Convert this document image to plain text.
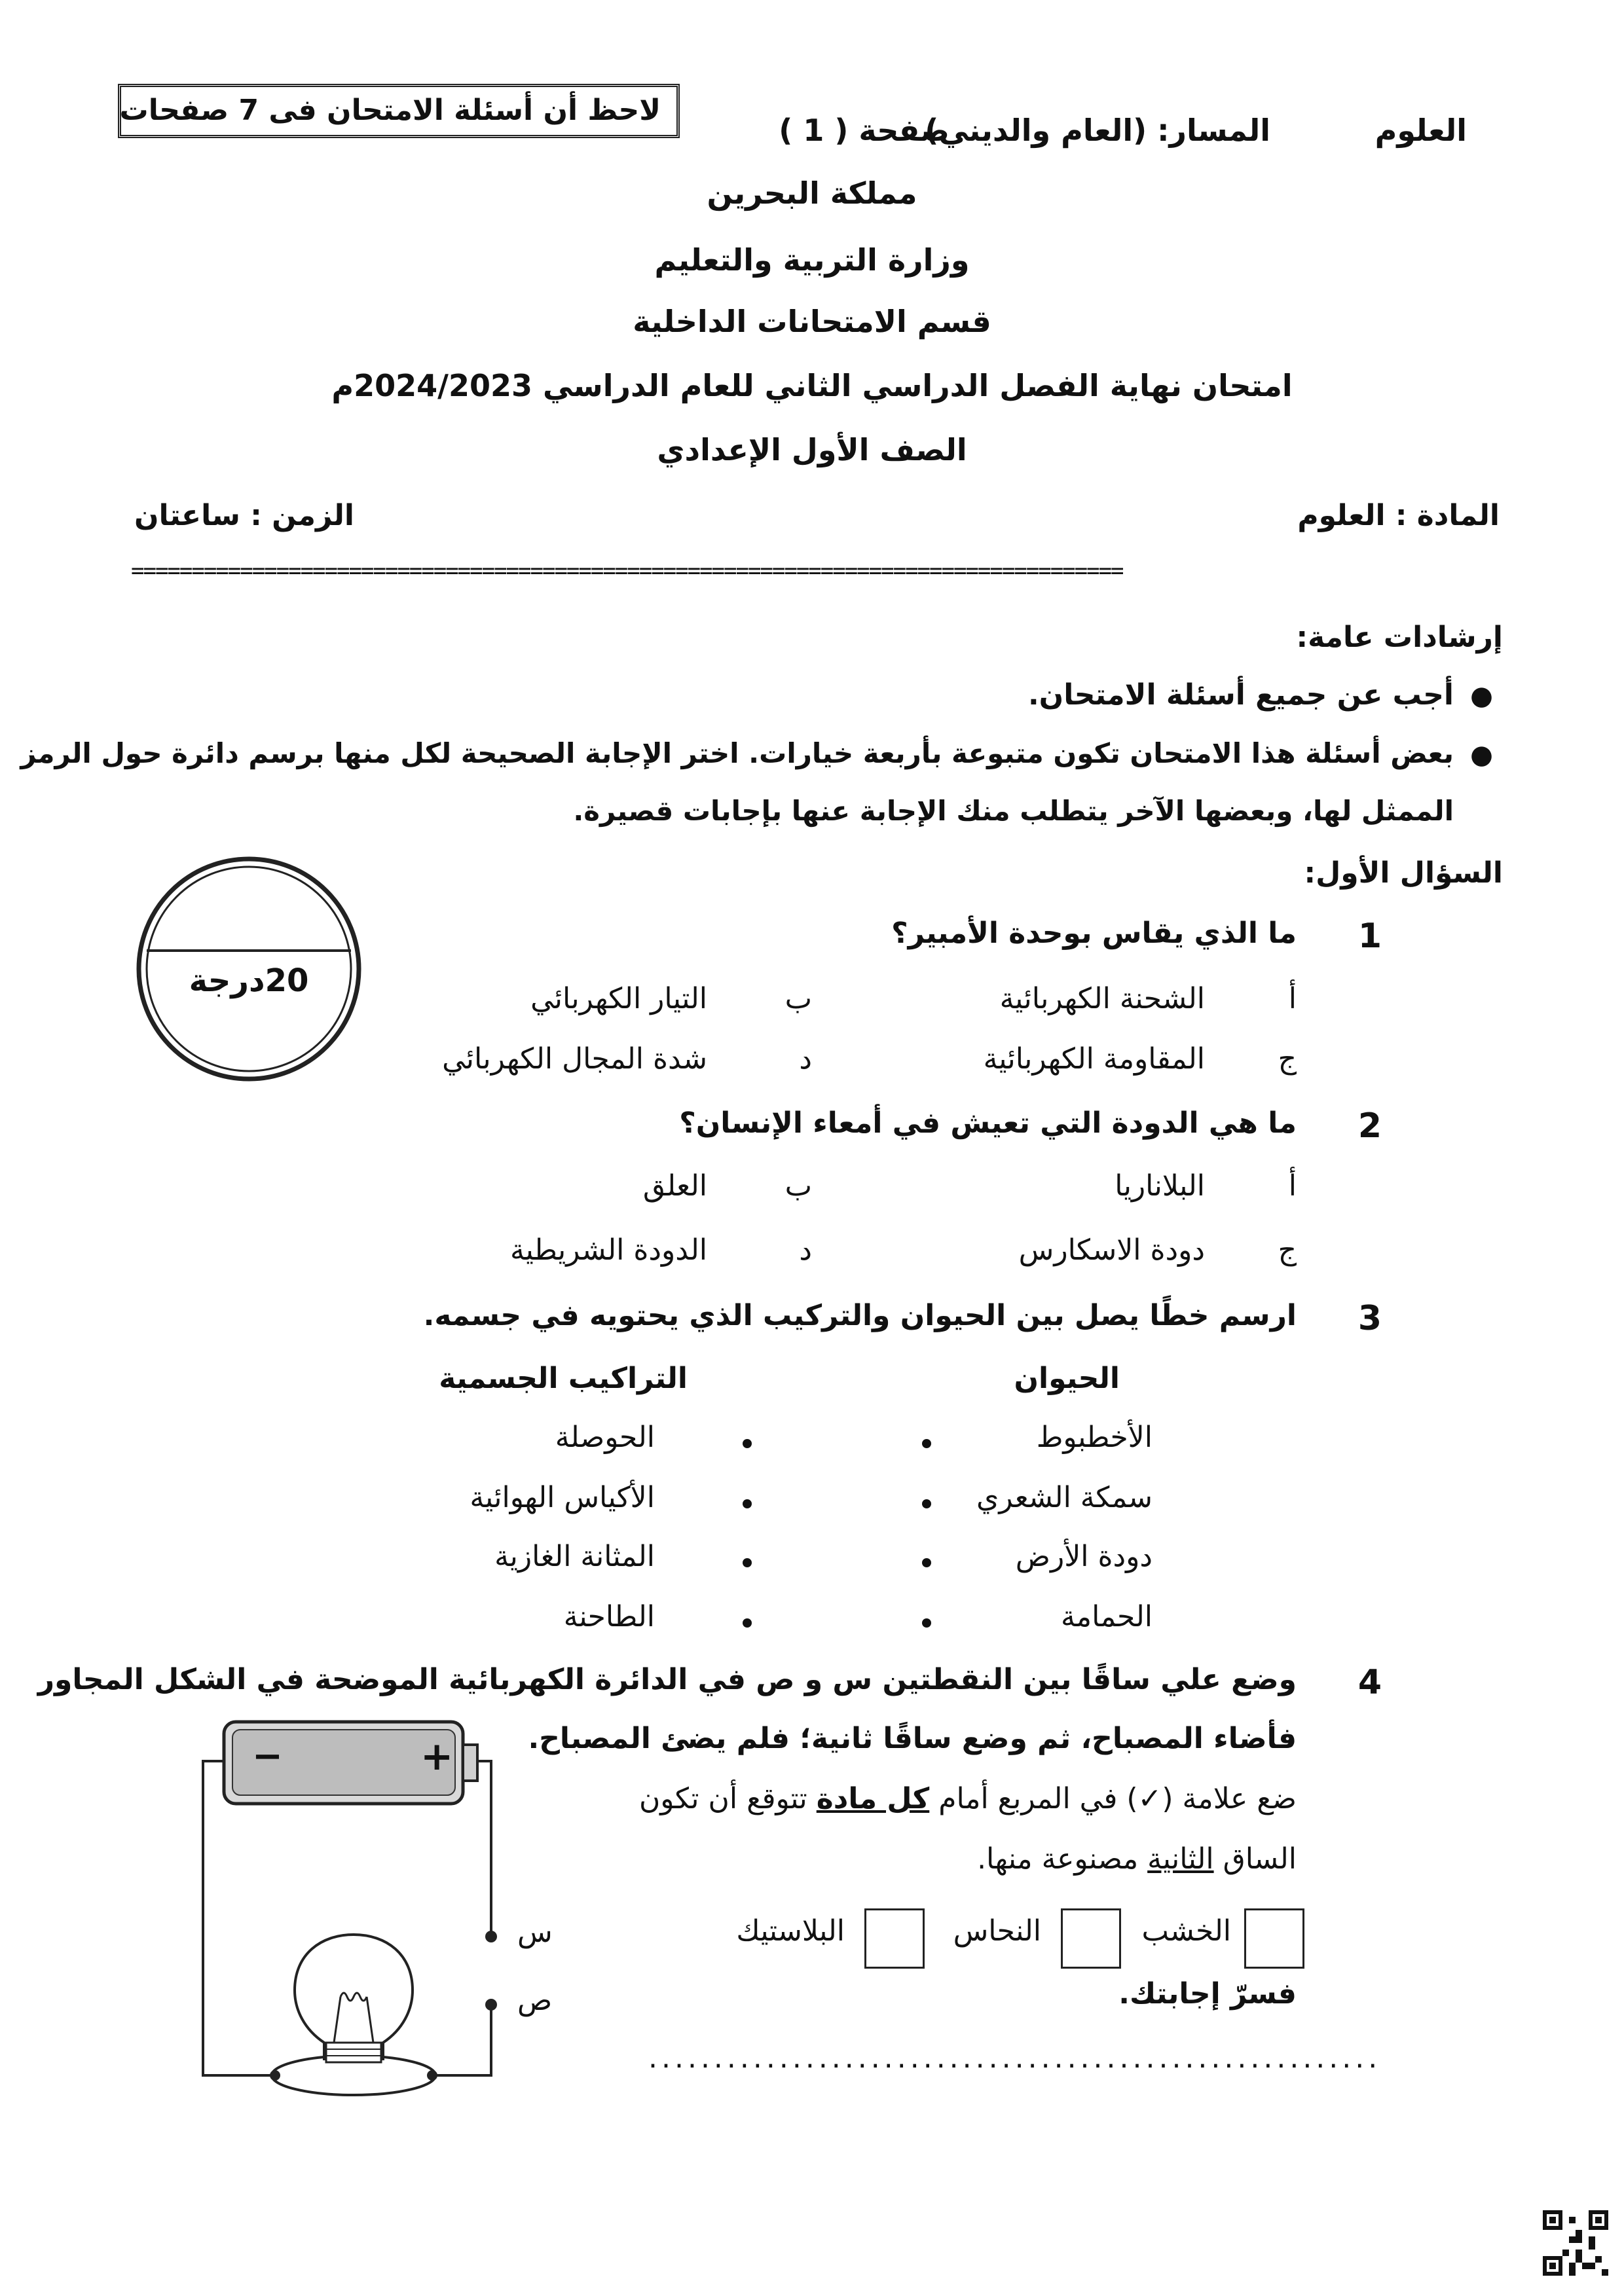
العلوم
المسار: (العام والديني)
صفحة ( 1 )
لاحظ أن أسئلة الامتحان فى 7 صفحات
مملكة البحرين
وزارة التربية والتعليم
قسم الامتحانات الداخلية
امتحان نهاية الفصل الدراسي الثاني للعام الدراسي 2024/2023م
الصف الأول الإعدادي
المادة : العلوم
الزمن : ساعتان
==================================================================================
إرشادات عامة:
●
أجب عن جميع أسئلة الامتحان.
●
بعض أسئلة هذا الامتحان تكون متبوعة بأربعة خيارات. اختر الإجابة الصحيحة لكل منها برسم دائرة حول الرمز
الممثل لها، وبعضها الآخر يتطلب منك الإجابة عنها بإجابات قصيرة.
السؤال الأول:
20درجة
1
ما الذي يقاس بوحدة الأمبير؟
أ
الشحنة الكهربائية
ب
التيار الكهربائي
ج
المقاومة الكهربائية
د
شدة المجال الكهربائي
2
ما هي الدودة التي تعيش في أمعاء الإنسان؟
أ
البلاناريا
ب
العلق
ج
دودة الاسكارس
د
الدودة الشريطية
3
ارسم خطًا يصل بين الحيوان والتركيب الذي يحتويه في جسمه.
الحيوان
التراكيب الجسمية
الأخطبوط
الحوصلة
سمكة الشعري
الأكياس الهوائية
دودة الأرض
المثانة الغازية
الحمامة
الطاحنة
4
وضع علي ساقًا بين النقطتين س و ص في الدائرة الكهربائية الموضحة في الشكل المجاور
فأضاء المصباح، ثم وضع ساقًا ثانية؛ فلم يضئ المصباح.
ضع علامة (✓) في المربع أمام كل مادة تتوقع أن تكون
الساق الثانية مصنوعة منها.
الخشب
النحاس
البلاستيك
فسرّ إجابتك.
........................................................
−	+
س
ص
